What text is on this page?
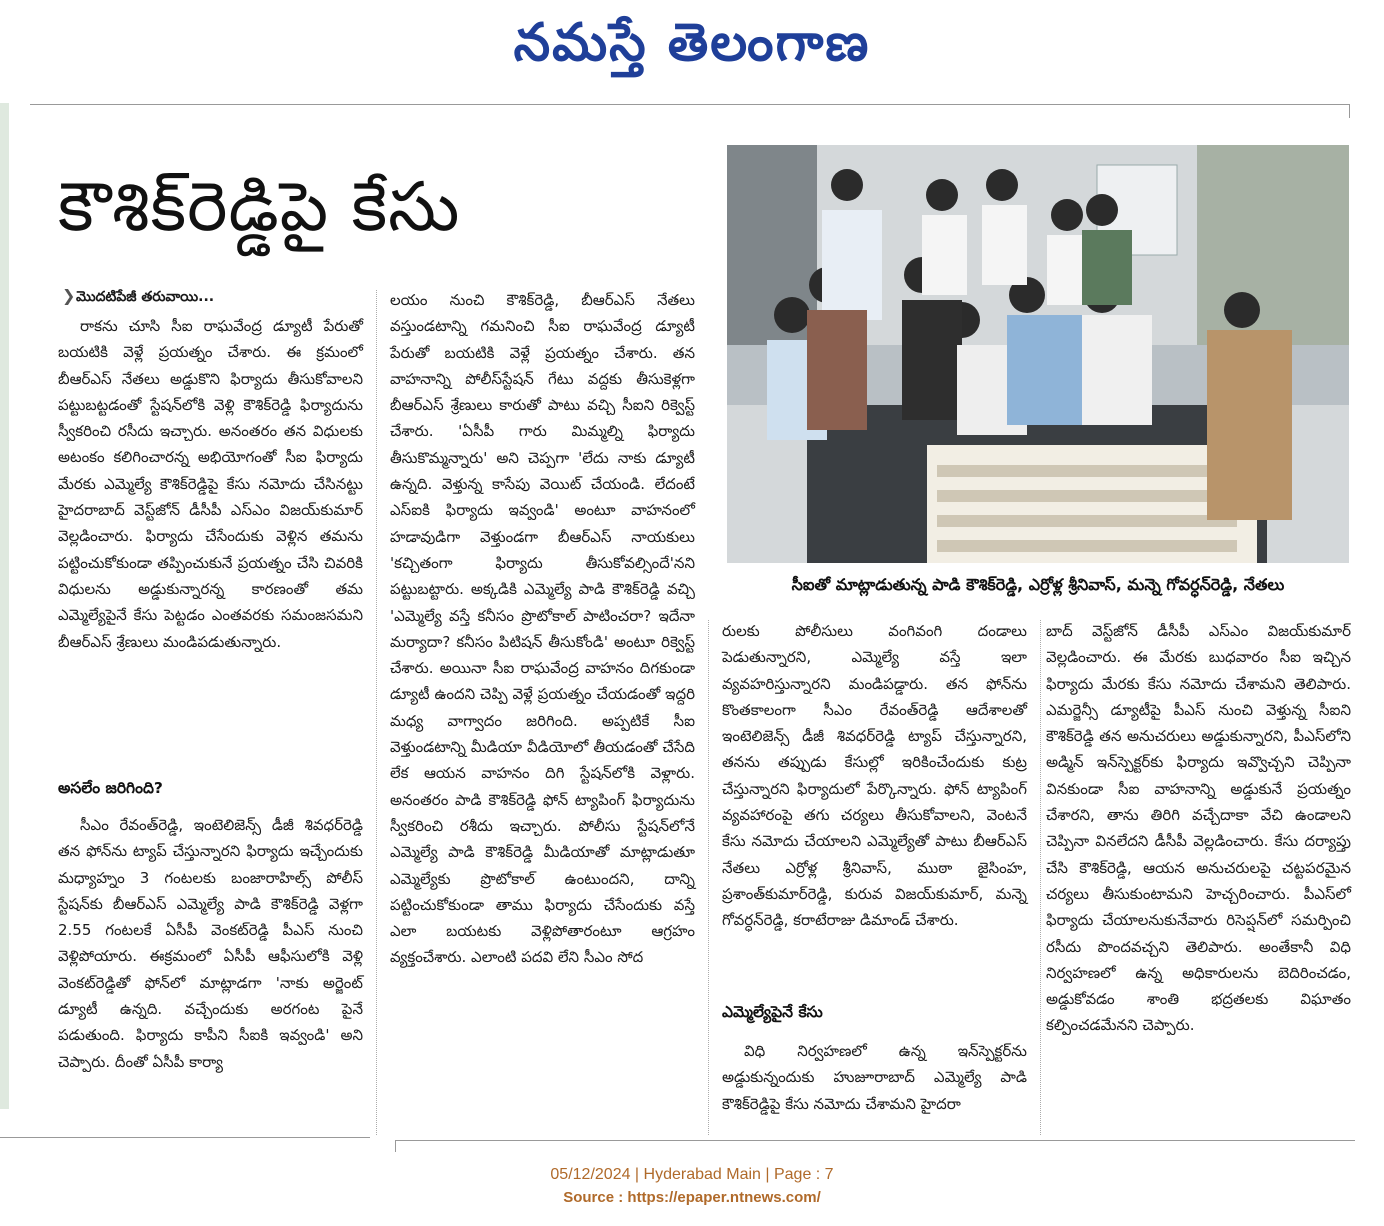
నమస్తే తెలంగాణ
కౌశిక్‌రెడ్డిపై కేసు
సీఐతో మాట్లాడుతున్న పాడి కౌశిక్‌రెడ్డి, ఎర్రోళ్ల శ్రీనివాస్, మన్నె గోవర్ధన్‌రెడ్డి, నేతలు
❯మొదటిపేజీ తరువాయి...

రాకను చూసి సీఐ రాఘవేంద్ర డ్యూటీ పేరుతో బయటికి వెళ్లే ప్రయత్నం చేశారు. ఈ క్రమంలో బీఆర్‌ఎస్ నేతలు అడ్డుకొని ఫిర్యాదు తీసుకోవాలని పట్టుబట్టడంతో స్టేషన్‌లోకి వెళ్లి కౌశిక్‌రెడ్డి ఫిర్యాదును స్వీకరించి రసీదు ఇచ్చారు. అనంతరం తన విధులకు అటంకం కలిగించారన్న అభియోగంతో సీఐ ఫిర్యాదు మేరకు ఎమ్మెల్యే కౌశిక్‌రెడ్డిపై కేసు నమోదు చేసినట్టు హైదరాబాద్ వెస్ట్‌జోన్ డీసీపీ ఎస్‌ఎం విజయ్‌కుమార్ వెల్లడించారు. ఫిర్యాదు చేసేందుకు వెళ్లిన తమను పట్టించుకోకుండా తప్పించుకునే ప్రయత్నం చేసి చివరికి విధులను అడ్డుకున్నారన్న కారణంతో తమ ఎమ్మెల్యేపైనే కేసు పెట్టడం ఎంతవరకు సమంజసమని బీఆర్‌ఎస్ శ్రేణులు మండిపడుతున్నారు.

అసలేం జరిగింది?

సీఎం రేవంత్‌రెడ్డి, ఇంటెలిజెన్స్ డీజీ శివధర్‌రెడ్డి తన ఫోన్‌ను ట్యాప్ చేస్తున్నారని ఫిర్యాదు ఇచ్చేందుకు మధ్యాహ్నం 3 గంటలకు బంజారాహిల్స్ పోలీస్ స్టేషన్‌కు బీఆర్‌ఎస్ ఎమ్మెల్యే పాడి కౌశిక్‌రెడ్డి వెళ్లగా 2.55 గంటలకే ఏసీపీ వెంకట్‌రెడ్డి పీఎస్ నుంచి వెళ్లిపోయారు. ఈక్రమంలో ఏసీపీ ఆఫీసులోకి వెళ్లి వెంకట్‌రెడ్డితో ఫోన్‌లో మాట్లాడగా 'నాకు అర్జెంట్ డ్యూటీ ఉన్నది. వచ్చేందుకు అరగంట పైనే పడుతుంది. ఫిర్యాదు కాపీని సీఐకి ఇవ్వండి' అని చెప్పారు. దీంతో ఏసీపీ కార్యా

లయం నుంచి కౌశిక్‌రెడ్డి, బీఆర్‌ఎస్ నేతలు వస్తుండటాన్ని గమనించి సీఐ రాఘవేంద్ర డ్యూటీ పేరుతో బయటికి వెళ్లే ప్రయత్నం చేశారు. తన వాహనాన్ని పోలీస్‌స్టేషన్ గేటు వద్దకు తీసుకెళ్లగా బీఆర్‌ఎస్ శ్రేణులు కారుతో పాటు వచ్చి సీఐని రిక్వెస్ట్ చేశారు. 'ఏసీపీ గారు మిమ్మల్ని ఫిర్యాదు తీసుకొమ్మన్నారు' అని చెప్పగా 'లేదు నాకు డ్యూటీ ఉన్నది. వెళ్తున్న కాసేపు వెయిట్ చేయండి. లేదంటే ఎస్‌ఐకి ఫిర్యాదు ఇవ్వండి' అంటూ వాహనంలో హడావుడిగా వెళ్తుండగా బీఆర్‌ఎస్ నాయకులు 'కచ్చితంగా ఫిర్యాదు తీసుకోవల్సిందే'నని పట్టుబట్టారు. అక్కడికి ఎమ్మెల్యే పాడి కౌశిక్‌రెడ్డి వచ్చి 'ఎమ్మెల్యే వస్తే కనీసం ప్రొటోకాల్ పాటించరా? ఇదేనా మర్యాదా? కనీసం పిటిషన్ తీసుకోండి' అంటూ రిక్వెస్ట్ చేశారు. అయినా సీఐ రాఘవేంద్ర వాహనం దిగకుండా డ్యూటీ ఉందని చెప్పి వెళ్లే ప్రయత్నం చేయడంతో ఇద్దరి మధ్య వాగ్వాదం జరిగింది. అప్పటికే సీఐ వెళ్తుండటాన్ని మీడియా వీడియోలో తీయడంతో చేసేది లేక ఆయన వాహనం దిగి స్టేషన్‌లోకి వెళ్లారు. అనంతరం పాడి కౌశిక్‌రెడ్డి ఫోన్ ట్యాపింగ్ ఫిర్యాదును స్వీకరించి రశీదు ఇచ్చారు. పోలీసు స్టేషన్‌లోనే ఎమ్మెల్యే పాడి కౌశిక్‌రెడ్డి మీడియాతో మాట్లాడుతూ ఎమ్మెల్యేకు ప్రొటోకాల్ ఉంటుందని, దాన్ని పట్టించుకోకుండా తాము ఫిర్యాదు చేసేందుకు వస్తే ఎలా బయటకు వెళ్లిపోతారంటూ ఆగ్రహం వ్యక్తంచేశారు. ఎలాంటి పదవి లేని సీఎం సోద

రులకు పోలీసులు వంగివంగి దండాలు పెడుతున్నారని, ఎమ్మెల్యే వస్తే ఇలా వ్యవహరిస్తున్నారని మండిపడ్డారు. తన ఫోన్‌ను కొంతకాలంగా సీఎం రేవంత్‌రెడ్డి ఆదేశాలతో ఇంటెలిజెన్స్ డీజీ శివధర్‌రెడ్డి ట్యాప్ చేస్తున్నారని, తనను తప్పుడు కేసుల్లో ఇరికించేందుకు కుట్ర చేస్తున్నారని ఫిర్యాదులో పేర్కొన్నారు. ఫోన్ ట్యాపింగ్ వ్యవహారంపై తగు చర్యలు తీసుకోవాలని, వెంటనే కేసు నమోదు చేయాలని ఎమ్మెల్యేతో పాటు బీఆర్‌ఎస్ నేతలు ఎర్రోళ్ల శ్రీనివాస్, ముఠా జైసింహ, ప్రశాంత్‌కుమార్‌రెడ్డి, కురువ విజయ్‌కుమార్, మన్నె గోవర్ధన్‌రెడ్డి, కరాటేరాజు డిమాండ్ చేశారు.

ఎమ్మెల్యేపైనే కేసు

విధి నిర్వహణలో ఉన్న ఇన్‌స్పెక్టర్‌ను అడ్డుకున్నందుకు హుజూరాబాద్ ఎమ్మెల్యే పాడి కౌశిక్‌రెడ్డిపై కేసు నమోదు చేశామని హైదరా

బాద్ వెస్ట్‌జోన్ డీసీపీ ఎస్‌ఎం విజయ్‌కుమార్ వెల్లడించారు. ఈ మేరకు బుధవారం సీఐ ఇచ్చిన ఫిర్యాదు మేరకు కేసు నమోదు చేశామని తెలిపారు. ఎమర్జెన్సీ డ్యూటీపై పీఎస్ నుంచి వెళ్తున్న సీఐని కౌశిక్‌రెడ్డి తన అనుచరులు అడ్డుకున్నారని, పీఎస్‌లోని అడ్మిన్ ఇన్‌స్పెక్టర్‌కు ఫిర్యాదు ఇవ్వొచ్చని చెప్పినా వినకుండా సీఐ వాహనాన్ని అడ్డుకునే ప్రయత్నం చేశారని, తాను తిరిగి వచ్చేదాకా వేచి ఉండాలని చెప్పినా వినలేదని డీసీపీ వెల్లడించారు. కేసు దర్యాప్తు చేసి కౌశిక్‌రెడ్డి, ఆయన అనుచరులపై చట్టపరమైన చర్యలు తీసుకుంటామని హెచ్చరించారు. పీఎస్‌లో ఫిర్యాదు చేయాలనుకునేవారు రిసెప్షన్‌లో సమర్పించి రసీదు పొందవచ్చని తెలిపారు. అంతేకానీ విధి నిర్వహణలో ఉన్న అధికారులను బెదిరించడం, అడ్డుకోవడం శాంతి భద్రతలకు విఘాతం కల్పించడమేనని చెప్పారు.

05/12/2024 | Hyderabad Main | Page : 7
Source : https://epaper.ntnews.com/
